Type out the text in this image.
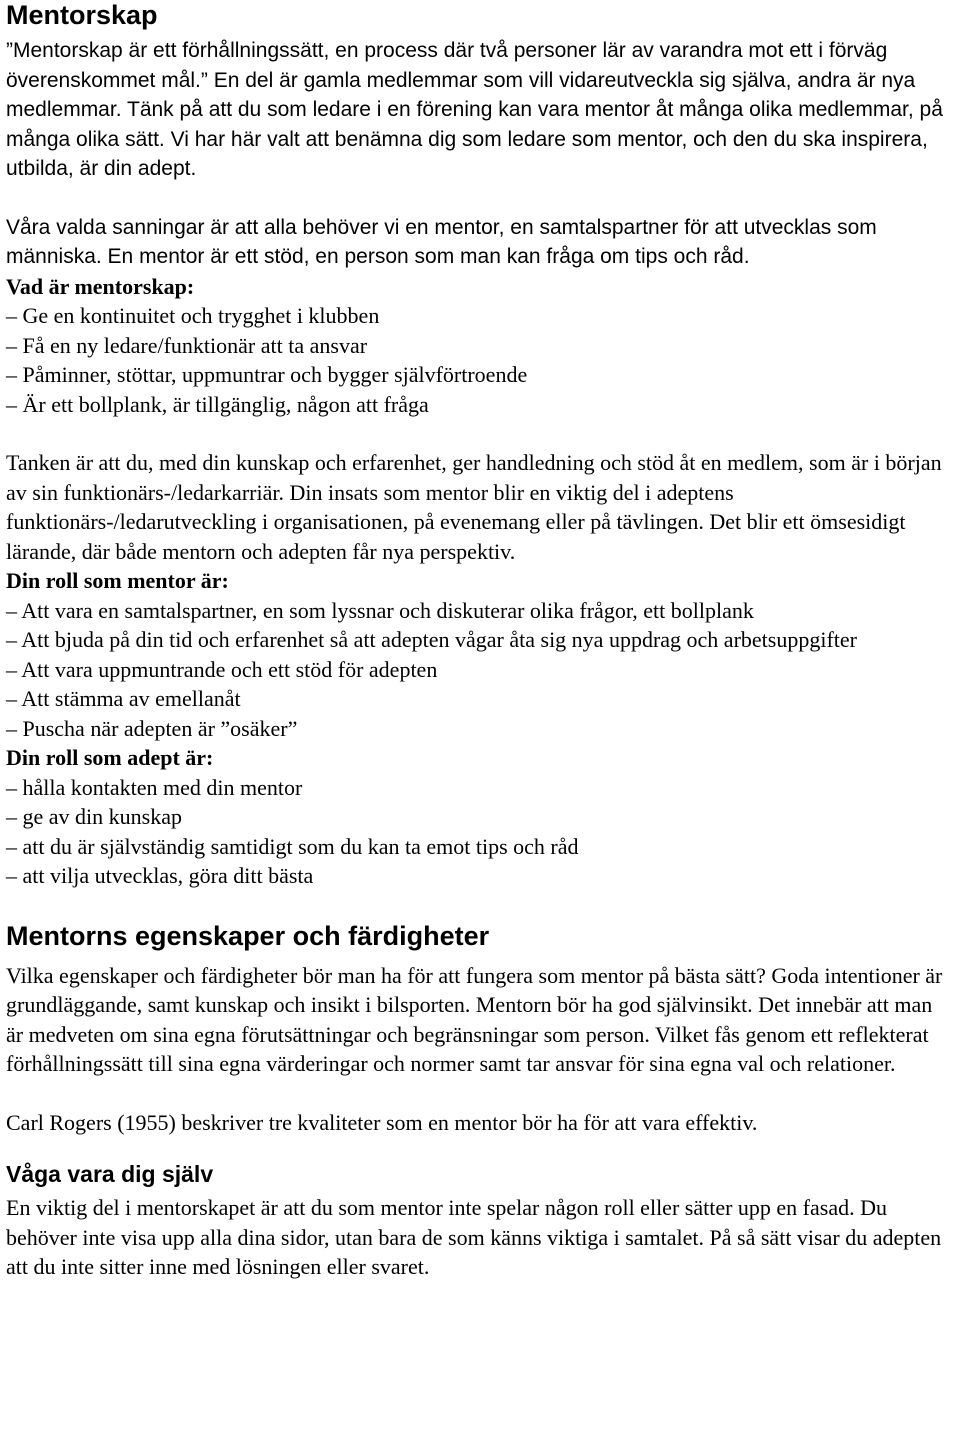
Mentorskap

”Mentorskap är ett förhållningssätt, en process där två personer lär av varandra mot ett i förväg överenskommet mål.” En del är gamla medlemmar som vill vidareutveckla sig själva, andra är nya medlemmar. Tänk på att du som ledare i en förening kan vara mentor åt många olika medlemmar, på många olika sätt. Vi har här valt att benämna dig som ledare som mentor, och den du ska inspirera, utbilda, är din adept.

Våra valda sanningar är att alla behöver vi en mentor, en samtalspartner för att utvecklas som människa. En mentor är ett stöd, en person som man kan fråga om tips och råd.

Vad är mentorskap:

– Ge en kontinuitet och trygghet i klubben
– Få en ny ledare/funktionär att ta ansvar
– Påminner, stöttar, uppmuntrar och bygger självförtroende
– Är ett bollplank, är tillgänglig, någon att fråga

Tanken är att du, med din kunskap och erfarenhet, ger handledning och stöd åt en medlem, som är i början av sin funktionärs-/ledarkarriär. Din insats som mentor blir en viktig del i adeptens funktionärs-/ledarutveckling i organisationen, på evenemang eller på tävlingen. Det blir ett ömsesidigt lärande, där både mentorn och adepten får nya perspektiv.

Din roll som mentor är:

– Att vara en samtalspartner, en som lyssnar och diskuterar olika frågor, ett bollplank
– Att bjuda på din tid och erfarenhet så att adepten vågar åta sig nya uppdrag och arbetsuppgifter
– Att vara uppmuntrande och ett stöd för adepten
– Att stämma av emellanåt
– Puscha när adepten är ”osäker”

Din roll som adept är:

– hålla kontakten med din mentor
– ge av din kunskap
– att du är självständig samtidigt som du kan ta emot tips och råd
– att vilja utvecklas, göra ditt bästa
Mentorns egenskaper och färdigheter

Vilka egenskaper och färdigheter bör man ha för att fungera som mentor på bästa sätt? Goda intentioner är grundläggande, samt kunskap och insikt i bilsporten. Mentorn bör ha god självinsikt. Det innebär att man är medveten om sina egna förutsättningar och begränsningar som person. Vilket fås genom ett reflekterat förhållningssätt till sina egna värderingar och normer samt tar ansvar för sina egna val och relationer.

Carl Rogers (1955) beskriver tre kvaliteter som en mentor bör ha för att vara effektiv.

Våga vara dig själv

En viktig del i mentorskapet är att du som mentor inte spelar någon roll eller sätter upp en fasad. Du behöver inte visa upp alla dina sidor, utan bara de som känns viktiga i samtalet. På så sätt visar du adepten att du inte sitter inne med lösningen eller svaret.
